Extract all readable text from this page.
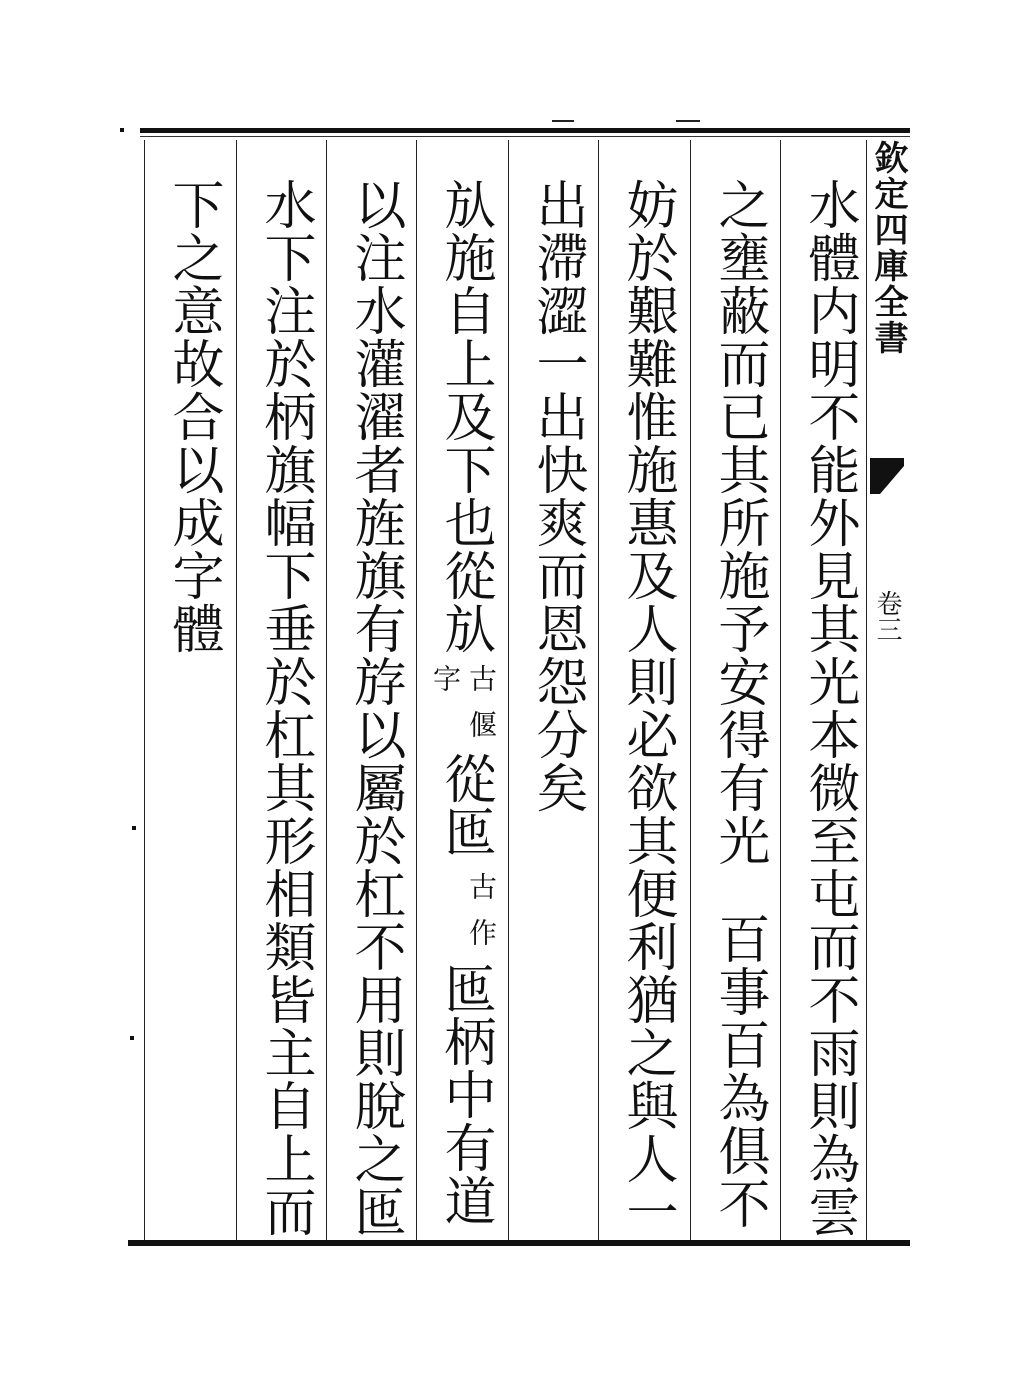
欽定四庫全書
卷三
水體内明不能外見其光本微至屯而不雨則為雲
之壅蔽而已其所施予安得有光
百事百為俱不
妨於艱難惟施惠及人則必欲其便利猶之與人一
出滯澀一出快爽而恩怨分矣
㫃施自上及下也從㫃
古
偃
字
從匜
古
作
匜柄中有道
以注水灌濯者旌旗有斿以屬於杠不用則脫之匜
水下注於柄旗幅下垂於杠其形相類皆主自上而
下之意故合以成字體
